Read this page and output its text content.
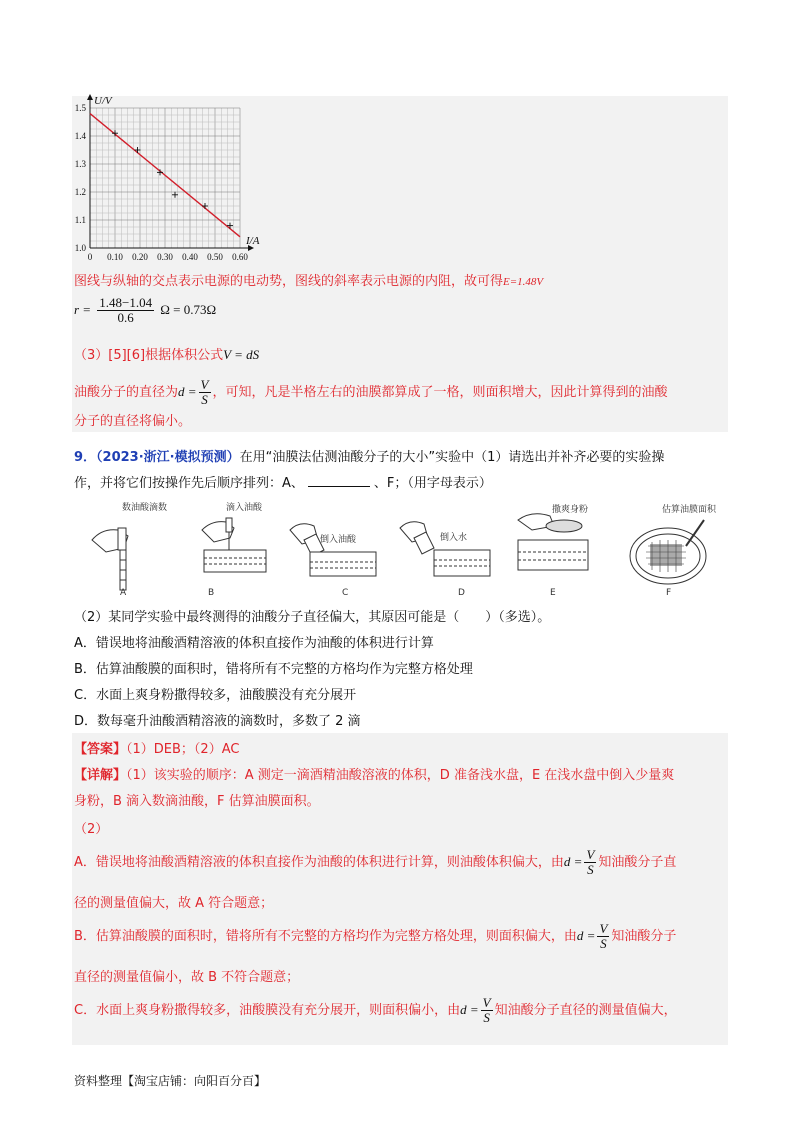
0 0.10 0.20 0.30 0.40 0.50 0.60
1.0
1.1
1.2
1.3
1.4
1.5
U/V
I/A
图线与纵轴的交点表示电源的电动势，图线的斜率表示电源的内阻，故可得E=1.48V
$r = \frac{1.48-1.04}{0.6}$ Ω = 0.73Ω
（3）[5][6]根据体积公式V = dS
油酸分子的直径为$d = \frac{V}{S}$ ，可知，凡是半格左右的油膜都算成了一格，则面积增大，因此计算得到的油酸
分子的直径将偏小。
9．（2023·浙江·模拟预测）在用“油膜法估测油酸分子的大小”实验中（1）请选出并补齐必要的实验操
作，并将它们按操作先后顺序排列：A、	、F；（用字母表示）
数油酸滴数
A
滴入油酸
B
倒入油酸
C
倒入水
D
撒爽身粉
E
估算油膜面积
F
（2）某同学实验中最终测得的油酸分子直径偏大，其原因可能是（　　）（多选）。
A．错误地将油酸酒精溶液的体积直接作为油酸的体积进行计算
B．估算油酸膜的面积时，错将所有不完整的方格均作为完整方格处理
C．水面上爽身粉撒得较多，油酸膜没有充分展开
D．数每毫升油酸酒精溶液的滴数时，多数了 2 滴
【答案】（1）DEB；（2）AC
【详解】（1）该实验的顺序：A 测定一滴酒精油酸溶液的体积，D 准备浅水盘，E 在浅水盘中倒入少量爽
身粉，B 滴入数滴油酸，F 估算油膜面积。
（2）
A．错误地将油酸酒精溶液的体积直接作为油酸的体积进行计算，则油酸体积偏大，由$d = \frac{V}{S}$ 知油酸分子直
径的测量值偏大，故 A 符合题意；
B．估算油酸膜的面积时，错将所有不完整的方格均作为完整方格处理，则面积偏大，由$d = \frac{V}{S}$ 知油酸分子
直径的测量值偏小，故 B 不符合题意；
C．水面上爽身粉撒得较多，油酸膜没有充分展开，则面积偏小，由$d = \frac{V}{S}$ 知油酸分子直径的测量值偏大，
资料整理【淘宝店铺：向阳百分百】
